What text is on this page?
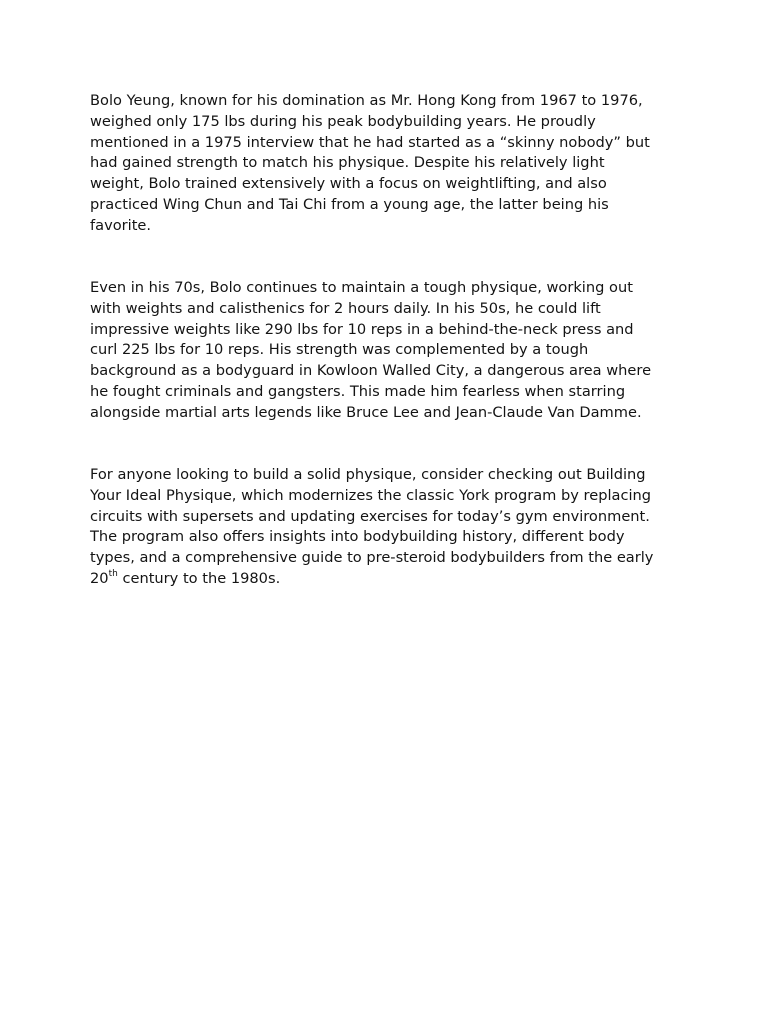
Bolo Yeung, known for his domination as Mr. Hong Kong from 1967 to 1976,
weighed only 175 lbs during his peak bodybuilding years. He proudly
mentioned in a 1975 interview that he had started as a “skinny nobody” but
had gained strength to match his physique. Despite his relatively light
weight, Bolo trained extensively with a focus on weightlifting, and also
practiced Wing Chun and Tai Chi from a young age, the latter being his
favorite.
Even in his 70s, Bolo continues to maintain a tough physique, working out
with weights and calisthenics for 2 hours daily. In his 50s, he could lift
impressive weights like 290 lbs for 10 reps in a behind-the-neck press and
curl 225 lbs for 10 reps. His strength was complemented by a tough
background as a bodyguard in Kowloon Walled City, a dangerous area where
he fought criminals and gangsters. This made him fearless when starring
alongside martial arts legends like Bruce Lee and Jean-Claude Van Damme.
For anyone looking to build a solid physique, consider checking out Building
Your Ideal Physique, which modernizes the classic York program by replacing
circuits with supersets and updating exercises for today’s gym environment.
The program also offers insights into bodybuilding history, different body
types, and a comprehensive guide to pre-steroid bodybuilders from the early
20th century to the 1980s.
